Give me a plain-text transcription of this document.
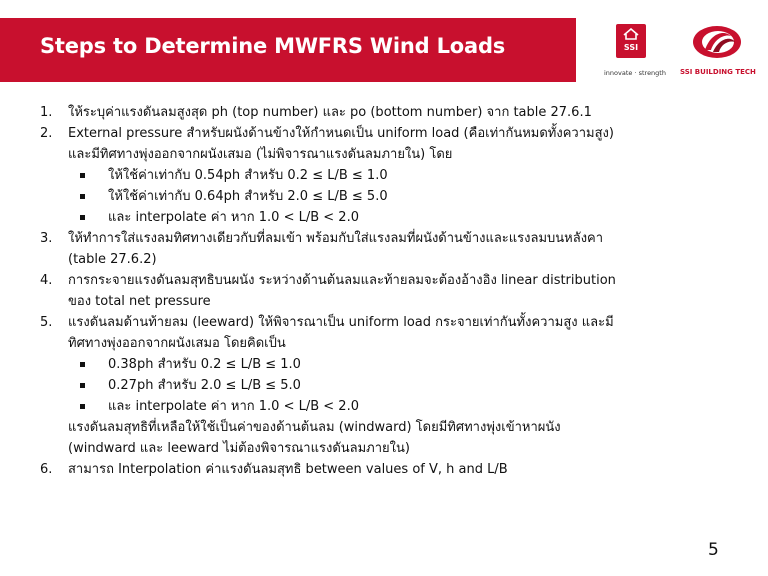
Steps to Determine MWFRS Wind Loads	SSI
innovate · strength SSI BUILDING TECH
1. ให้ระบุค่าแรงดันลมสูงสุด ph (top number) และ po (bottom number) จาก table 27.6.1
2. External pressure สำหรับผนังด้านข้างให้กำหนดเป็น uniform load (คือเท่ากันหมดทั้งความสูง)
และมีทิศทางพุ่งออกจากผนังเสมอ (ไม่พิจารณาแรงดันลมภายใน) โดย
ให้ใช้ค่าเท่ากับ 0.54ph สำหรับ 0.2 ≤ L/B ≤ 1.0
ให้ใช้ค่าเท่ากับ 0.64ph สำหรับ 2.0 ≤ L/B ≤ 5.0
และ interpolate ค่า หาก 1.0 < L/B < 2.0
3. ให้ทำการใส่แรงลมทิศทางเดียวกับที่ลมเข้า พร้อมกับใส่แรงลมที่ผนังด้านข้างและแรงลมบนหลังคา
(table 27.6.2)
4. การกระจายแรงดันลมสุทธิบนผนัง ระหว่างด้านต้นลมและท้ายลมจะต้องอ้างอิง linear distribution
ของ total net pressure
5. แรงดันลมด้านท้ายลม (leeward) ให้พิจารณาเป็น uniform load กระจายเท่ากันทั้งความสูง และมี
ทิศทางพุ่งออกจากผนังเสมอ โดยคิดเป็น
0.38ph สำหรับ 0.2 ≤ L/B ≤ 1.0
0.27ph สำหรับ 2.0 ≤ L/B ≤ 5.0
และ interpolate ค่า หาก 1.0 < L/B < 2.0
แรงดันลมสุทธิที่เหลือให้ใช้เป็นค่าของด้านต้นลม (windward) โดยมีทิศทางพุ่งเข้าหาผนัง
(windward และ leeward ไม่ต้องพิจารณาแรงดันลมภายใน)
6. สามารถ Interpolation ค่าแรงดันลมสุทธิ between values of V, h and L/B
5
